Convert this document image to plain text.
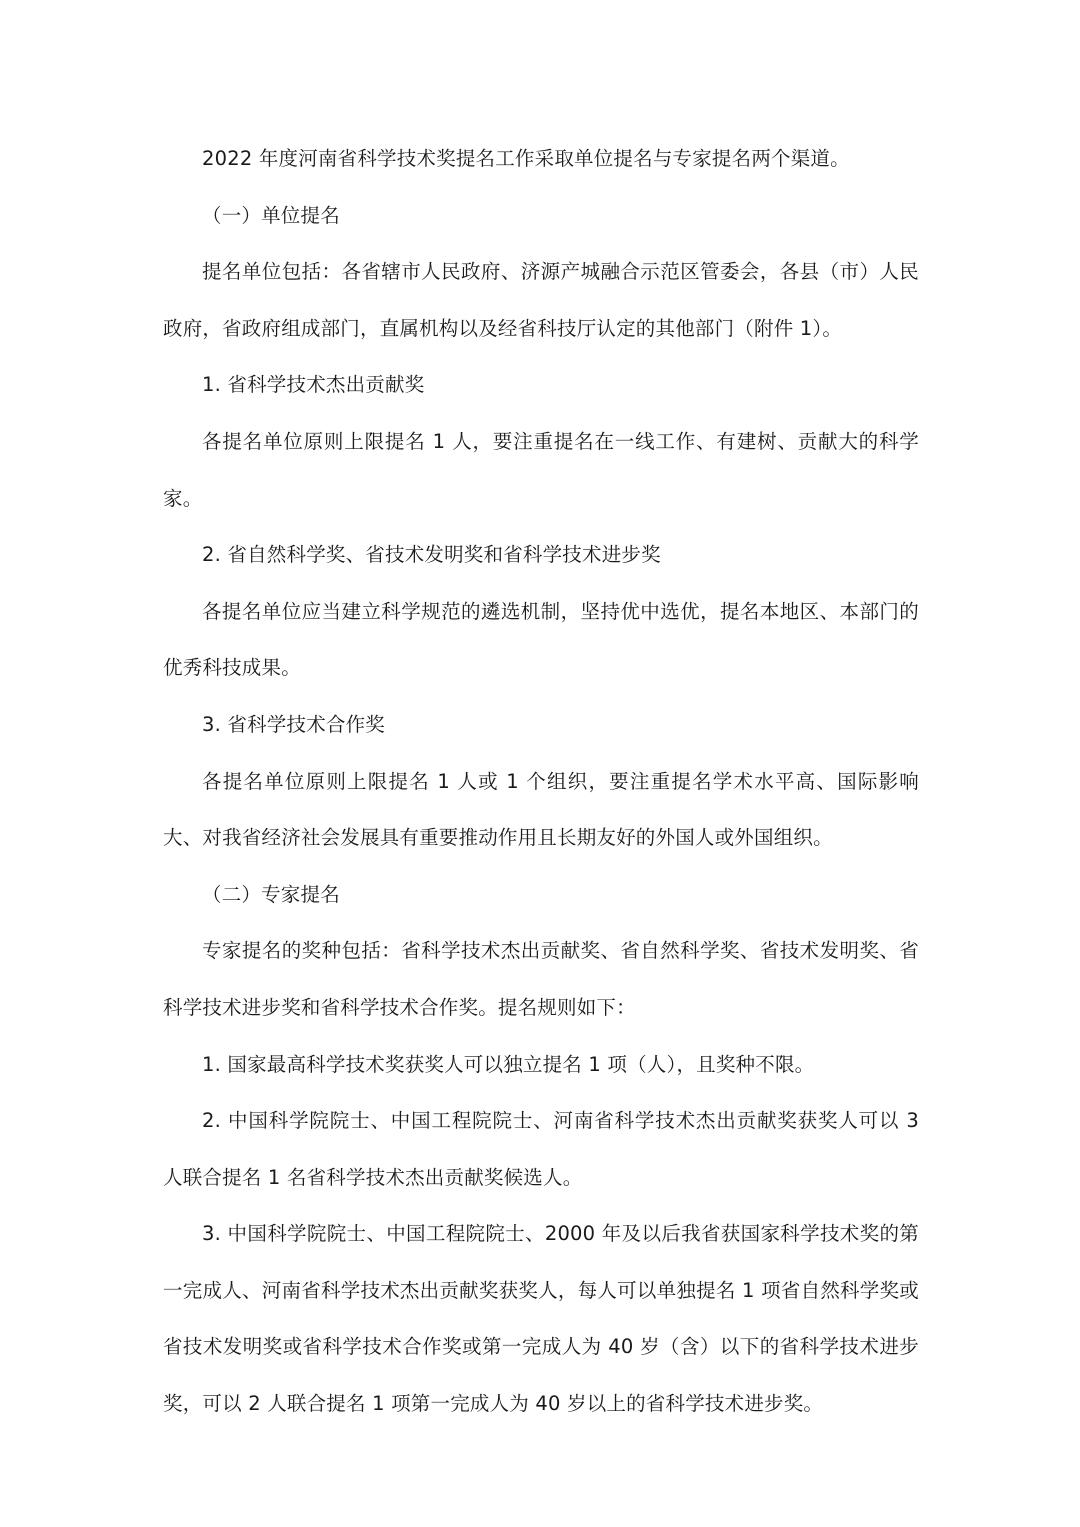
2022 年度河南省科学技术奖提名工作采取单位提名与专家提名两个渠道。

（一）单位提名

提名单位包括：各省辖市人民政府、济源产城融合示范区管委会，各县（市）人民政府，省政府组成部门，直属机构以及经省科技厅认定的其他部门（附件 1）。

1. 省科学技术杰出贡献奖

各提名单位原则上限提名 1 人，要注重提名在一线工作、有建树、贡献大的科学家。

2. 省自然科学奖、省技术发明奖和省科学技术进步奖

各提名单位应当建立科学规范的遴选机制，坚持优中选优，提名本地区、本部门的优秀科技成果。

3. 省科学技术合作奖

各提名单位原则上限提名 1 人或 1 个组织，要注重提名学术水平高、国际影响大、对我省经济社会发展具有重要推动作用且长期友好的外国人或外国组织。

（二）专家提名

专家提名的奖种包括：省科学技术杰出贡献奖、省自然科学奖、省技术发明奖、省科学技术进步奖和省科学技术合作奖。提名规则如下：

1. 国家最高科学技术奖获奖人可以独立提名 1 项（人），且奖种不限。

2. 中国科学院院士、中国工程院院士、河南省科学技术杰出贡献奖获奖人可以 3 人联合提名 1 名省科学技术杰出贡献奖候选人。

3. 中国科学院院士、中国工程院院士、2000 年及以后我省获国家科学技术奖的第一完成人、河南省科学技术杰出贡献奖获奖人，每人可以单独提名 1 项省自然科学奖或省技术发明奖或省科学技术合作奖或第一完成人为 40 岁（含）以下的省科学技术进步奖，可以 2 人联合提名 1 项第一完成人为 40 岁以上的省科学技术进步奖。
